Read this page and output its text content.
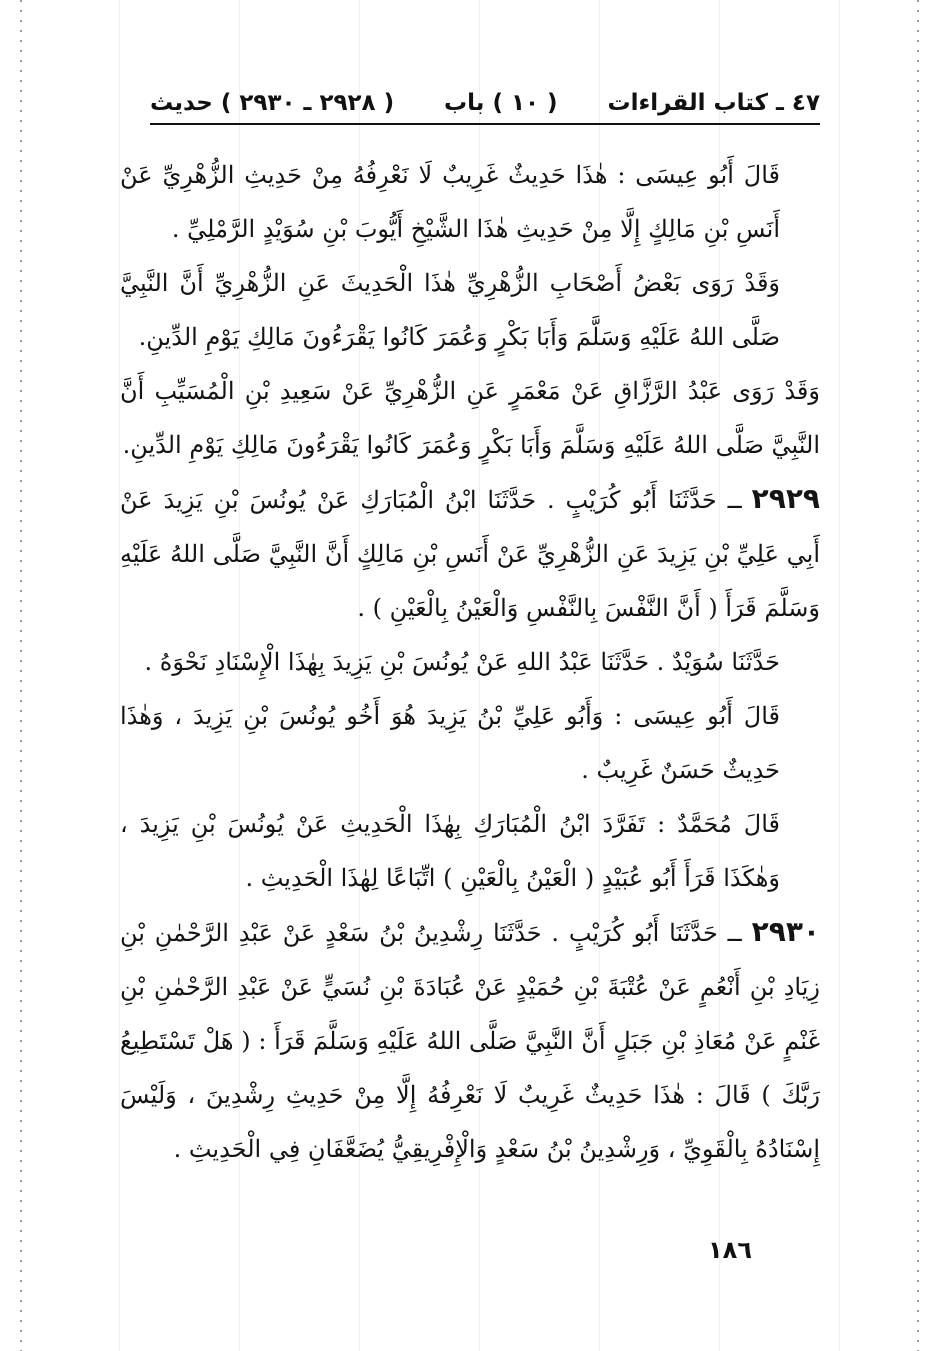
٤٧ ـ كتاب القراءات
( ١٠ ) باب
( ٢٩٢٨ ـ ٢٩٣٠ ) حديث

قَالَ أَبُو عِيسَى : هٰذَا حَدِيثٌ غَرِيبٌ لَا نَعْرِفُهُ مِنْ حَدِيثِ الزُّهْرِيِّ عَنْ أَنَسِ بْنِ مَالِكٍ إِلَّا مِنْ حَدِيثِ هٰذَا الشَّيْخِ أَيُّوبَ بْنِ سُوَيْدٍ الرَّمْلِيِّ .

وَقَدْ رَوَى بَعْضُ أَصْحَابِ الزُّهْرِيِّ هٰذَا الْحَدِيثَ عَنِ الزُّهْرِيِّ أَنَّ النَّبِيَّ صَلَّى اللهُ عَلَيْهِ وَسَلَّمَ وَأَبَا بَكْرٍ وَعُمَرَ كَانُوا يَقْرَءُونَ مَالِكِ يَوْمِ الدِّينِ.

وَقَدْ رَوَى عَبْدُ الرَّزَّاقِ عَنْ مَعْمَرٍ عَنِ الزُّهْرِيِّ عَنْ سَعِيدِ بْنِ الْمُسَيِّبِ أَنَّ النَّبِيَّ صَلَّى اللهُ عَلَيْهِ وَسَلَّمَ وَأَبَا بَكْرٍ وَعُمَرَ كَانُوا يَقْرَءُونَ مَالِكِ يَوْمِ الدِّينِ.

٢٩٢٩ــ حَدَّثَنَا أَبُو كُرَيْبٍ . حَدَّثَنَا ابْنُ الْمُبَارَكِ عَنْ يُونُسَ بْنِ يَزِيدَ عَنْ أَبِي عَلِيِّ بْنِ يَزِيدَ عَنِ الزُّهْرِيِّ عَنْ أَنَسِ بْنِ مَالِكٍ أَنَّ النَّبِيَّ صَلَّى اللهُ عَلَيْهِ وَسَلَّمَ قَرَأَ ( أَنَّ النَّفْسَ بِالنَّفْسِ وَالْعَيْنُ بِالْعَيْنِ ) .

حَدَّثَنَا سُوَيْدٌ . حَدَّثَنَا عَبْدُ اللهِ عَنْ يُونُسَ بْنِ يَزِيدَ بِهٰذَا الْإِسْنَادِ نَحْوَهُ .

قَالَ أَبُو عِيسَى : وَأَبُو عَلِيِّ بْنُ يَزِيدَ هُوَ أَخُو يُونُسَ بْنِ يَزِيدَ ، وَهٰذَا حَدِيثٌ حَسَنٌ غَرِيبٌ .

قَالَ مُحَمَّدٌ : تَفَرَّدَ ابْنُ الْمُبَارَكِ بِهٰذَا الْحَدِيثِ عَنْ يُونُسَ بْنِ يَزِيدَ ، وَهٰكَذَا قَرَأَ أَبُو عُبَيْدٍ ( الْعَيْنُ بِالْعَيْنِ ) اتِّبَاعًا لِهٰذَا الْحَدِيثِ .

٢٩٣٠ــ حَدَّثَنَا أَبُو كُرَيْبٍ . حَدَّثَنَا رِشْدِينُ بْنُ سَعْدٍ عَنْ عَبْدِ الرَّحْمٰنِ بْنِ زِيَادِ بْنِ أَنْعُمٍ عَنْ عُتْبَةَ بْنِ حُمَيْدٍ عَنْ عُبَادَةَ بْنِ نُسَيٍّ عَنْ عَبْدِ الرَّحْمٰنِ بْنِ غَنْمٍ عَنْ مُعَاذِ بْنِ جَبَلٍ أَنَّ النَّبِيَّ صَلَّى اللهُ عَلَيْهِ وَسَلَّمَ قَرَأَ : ( هَلْ تَسْتَطِيعُ رَبَّكَ ) قَالَ : هٰذَا حَدِيثٌ غَرِيبٌ لَا نَعْرِفُهُ إِلَّا مِنْ حَدِيثِ رِشْدِينَ ، وَلَيْسَ إِسْنَادُهُ بِالْقَوِيِّ ، وَرِشْدِينُ بْنُ سَعْدٍ وَالْإِفْرِيقِيُّ يُضَعَّفَانِ فِي الْحَدِيثِ .

١٨٦
